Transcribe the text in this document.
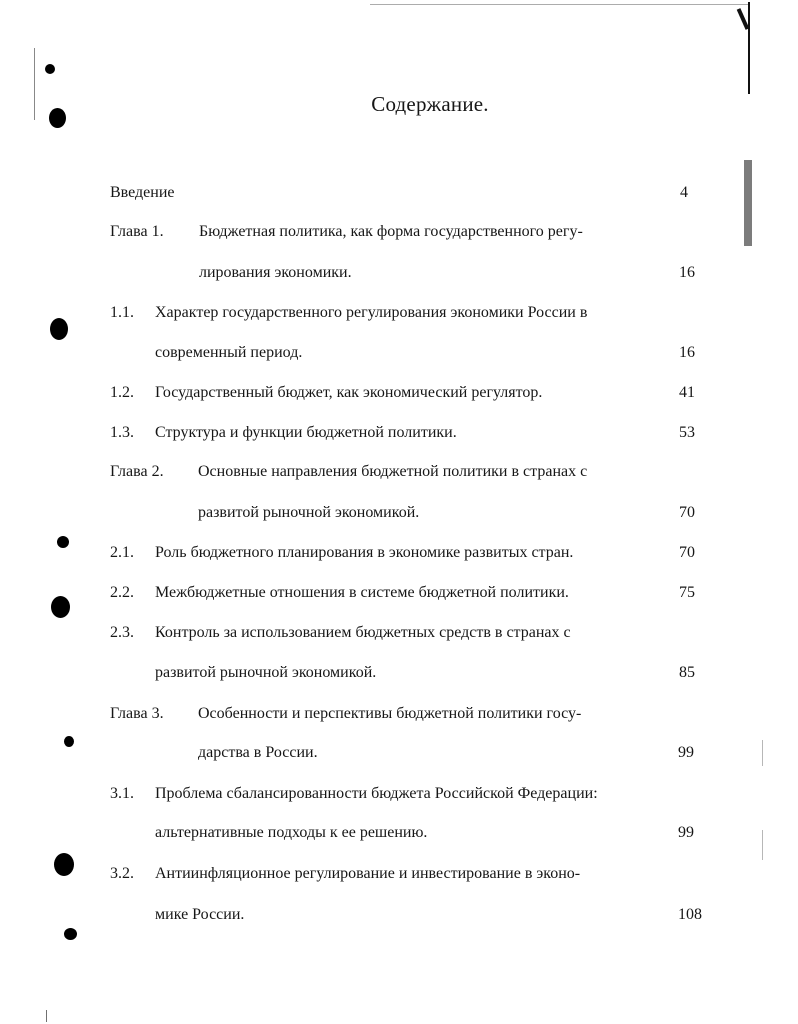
Содержание.
Введение	4
Глава 1. Бюджетная политика, как форма государственного регу-
лирования экономики.	16
1.1. Характер государственного регулирования экономики России в
современный период.	16
1.2. Государственный бюджет, как экономический регулятор.	41
1.3. Структура и функции бюджетной политики.	53
Глава 2. Основные направления бюджетной политики в странах с
развитой рыночной экономикой.	70
2.1. Роль бюджетного планирования в экономике развитых стран.	70
2.2. Межбюджетные отношения в системе бюджетной политики.	75
2.3. Контроль за использованием бюджетных средств в странах с
развитой рыночной экономикой.	85
Глава 3. Особенности и перспективы бюджетной политики госу-
дарства в России.	99
3.1. Проблема сбалансированности бюджета Российской Федерации:
альтернативные подходы к ее решению.	99
3.2. Антиинфляционное регулирование и инвестирование в эконо-
мике России.	108
